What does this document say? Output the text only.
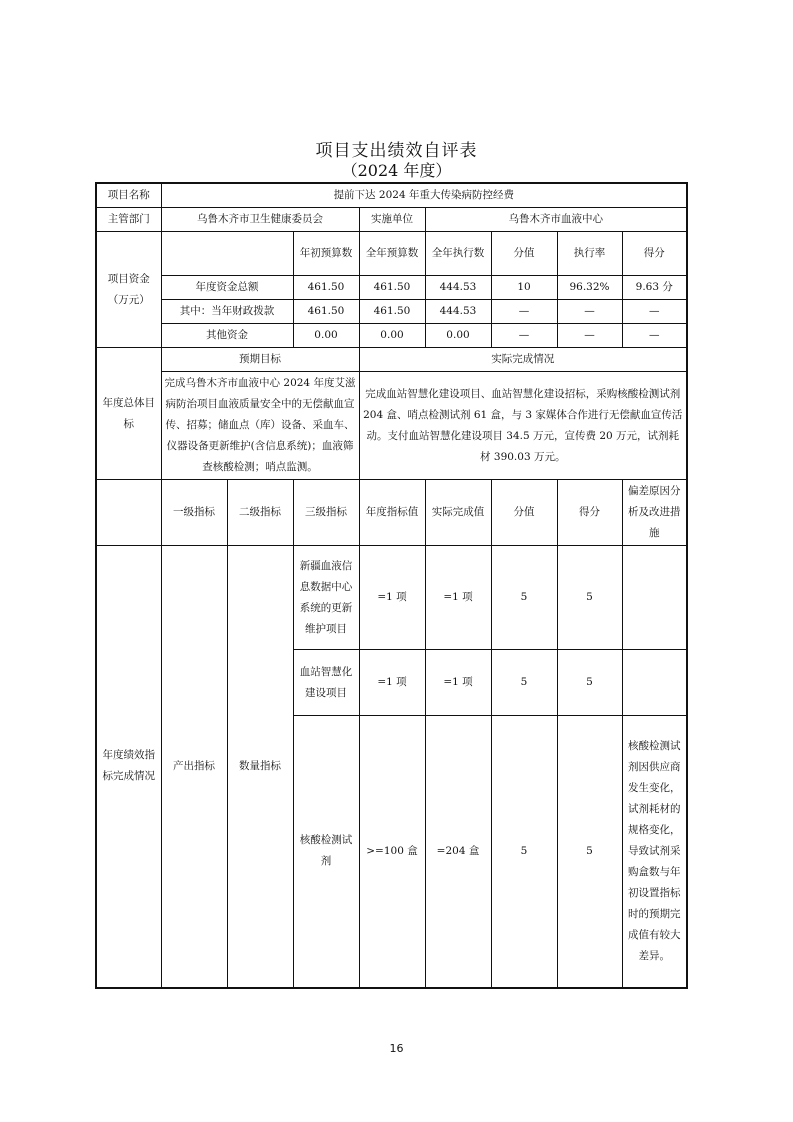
项目支出绩效自评表
（2024 年度）
项目名称	提前下达 2024 年重大传染病防控经费							
主管部门	乌鲁木齐市卫生健康委员会			实施单位	乌鲁木齐市血液中心			
项目资金（万元）			年初预算数	全年预算数	全年执行数	分值	执行率	得分
	年度资金总额		461.50	461.50	444.53	10	96.32%	9.63 分
	其中：当年财政拨款		461.50	461.50	444.53	—	—	—
	其他资金		0.00	0.00	0.00	—	—	—
年度总体目标	预期目标			实际完成情况				
	完成乌鲁木齐市血液中心 2024 年度艾滋病防治项目血液质量安全中的无偿献血宣传、招募；储血点（库）设备、采血车、仪器设备更新维护(含信息系统)；血液筛查核酸检测；哨点监测。			完成血站智慧化建设项目、血站智慧化建设招标，采购核酸检测试剂 204 盒、哨点检测试剂 61 盒，与 3 家媒体合作进行无偿献血宣传活动。支付血站智慧化建设项目 34.5 万元，宣传费 20 万元，试剂耗材 390.03 万元。				
	一级指标	二级指标	三级指标	年度指标值	实际完成值	分值	得分	偏差原因分析及改进措施
年度绩效指标完成情况	产出指标	数量指标	新疆血液信息数据中心系统的更新维护项目	=1 项	=1 项	5	5	
			血站智慧化建设项目	=1 项	=1 项	5	5	
			核酸检测试剂	>=100 盒	=204 盒	5	5	核酸检测试剂因供应商发生变化，试剂耗材的规格变化，导致试剂采购盒数与年初设置指标时的预期完成值有较大差异。
16
